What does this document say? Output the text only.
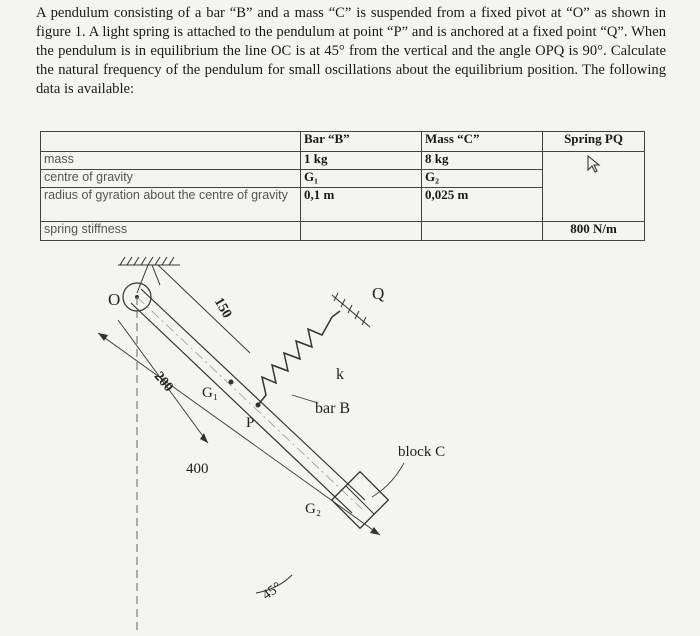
A pendulum consisting of a bar “B” and a mass “C” is suspended from a fixed pivot at “O” as shown in figure 1. A light spring is attached to the pendulum at point “P” and is anchored at a fixed point “Q”. When the pendulum is in equilibrium the line OC is at 45° from the vertical and the angle OPQ is 90°. Calculate the natural frequency of the pendulum for small oscillations about the equilibrium position. The following data is available:

	Bar “B”	Mass “C”	Spring PQ
mass	1 kg	8 kg	

centre of gravity	G₁	G₂	
radius of gyration about the centre of gravity	0,1 m	0,025 m	
spring stiffness			800 N/m
O
G₁
G₂
P
k
Q
bar B
block C
150
200
400
45°
